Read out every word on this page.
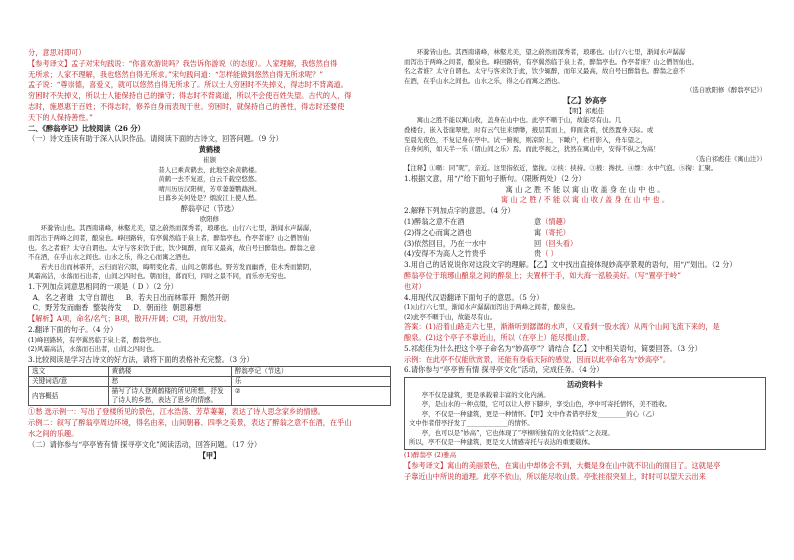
分，意思对即可）

【参考译文】孟子对宋句践说：“你喜欢游说吗？我告诉你游说（的态度）。人家理解，我悠然自得

无所求；人家不理解，我也悠然自得无所求。”宋句践问道：“怎样能做到悠然自得无所求呢？”

孟子说：“尊崇德，喜爱义，就可以悠然自得无所求了。所以士人穷困时不失掉义，得志时不背离道。

穷困时不失掉义，所以士人能保持自己的操守；得志时不背离道，所以不会使百姓失望。古代的人，得

志时，施恩惠于百姓；不得志时，修养自身而表现于世。穷困时，就保持自己的善性，得志时还要使

天下的人保持善性。”

二、《醉翁亭记》比较阅读（26 分）

（一）诗文连读有助于深入认识作品。请阅读下面的古诗文，回答问题。（9 分）

黄鹤楼

崔颢

昔人已乘黄鹤去，此地空余黄鹤楼。

黄鹤一去不复返，白云千载空悠悠。

晴川历历汉阳树，芳草萋萋鹦鹉洲。

日暮乡关何处是？烟波江上使人愁。

醉翁亭记（节选）

欧阳修

环滁皆山也。其西南诸峰，林壑尤美，望之蔚然而深秀者，琅琊也。山行六七里，渐闻水声潺潺，

而泻出于两峰之间者，酿泉也。峰回路转，有亭翼然临于泉上者，醉翁亭也。作亭者谁？山之僧智仙

也。名之者谁？太守自谓也。太守与客来饮于此，饮少辄醉，而年又最高，故自号曰醉翁也。醉翁之意

不在酒，在乎山水之间也。山水之乐，得之心而寓之酒也。

若夫日出而林霏开，云归而岩穴暝，晦明变化者，山间之朝暮也。野芳发而幽香，佳木秀而繁阴，

风霜高洁，水落而石出者，山间之四时也。朝而往，暮而归，四时之景不同，而乐亦无穷也。

1.下列加点词意思相同的一项是（ D ）（2 分）

A．名之者谁 太守自谓也 B．若夫日出而林霏开 黯然开朗

C．野芳发而幽香 整装待发 D．朝而往 朝思暮想

【解析】A项，命名/名气；B项，散开/开阔；C项，开放/出发。

2.翻译下面的句子。（4 分）

(1)峰回路转，有亭翼然临于泉上者，醉翁亭也。

(2)风霜高洁，水落而石出者，山间之四时也。

3.比较阅读是学习古诗文的好方法，请将下面的表格补充完整。（3 分）

选文	黄鹤楼	醉翁亭记（节选）
关键词语/意	愁	乐
内容概括	描写了诗人登黄鹤楼的所见所想，抒发了诗人的乡愁，表达了思乡的情感。	②

①愁 选示例一：写出了登楼所见的景色，江水浩荡、芳草萋萋，表达了诗人思念家乡的情感。

示例二：叙写了醉翁亭周边环境，得名由来，山间朝暮、四季之美景，表达了醉翁之意不在酒，在乎山

水之间的乐趣。

（二）请你参与“亭亭皆有情 探寻亭文化”阅读活动，回答问题。（17 分）

【甲】

环滁皆山也。其西南诸峰，林壑尤美，望之蔚然而深秀者，琅琊也。山行六七里，渐闻水声潺潺

而泻出于两峰之间者，酿泉也。峰回路转，有亭翼然临于泉上者，醉翁亭也。作亭者谁？山之僧智仙也。

名之者谁？太守自谓也。太守与客来饮于此，饮少辄醉，而年又最高，故自号曰醉翁也。醉翁之意不

在酒，在乎山水之间也。山水之乐，得之心而寓之酒也。

（选自欧阳修《醉翁亭记》）

【乙】妙高亭

【明】祁彪佳

寓山之胜不能以寓山收，盖身在山中也。此亭不暱于山，故能尽有山。几

叠楼台，嵌入苍崖翠壁，时有云气往来缥缈，掖层霄而上，仰面贪看，恍然置身天际。或

至晨光夜色，不复记身在亭中。试一俯视，则凉阶上，下瞰户，栏杆影入，舟车望之，

自身何所，如天半一乐（谓山间之乐）焉。而此亭视之，犹然在寓山中，安得不纵之为高！

（选自祁彪佳《寓山注》）

【注释】①暱：同“昵”，亲近。这里指依近，靠拢。②挟：挟持。③掖：搀扶。④缥：水中气泡。⑤掬：汇聚。

1.根据文意，用“/”给下面句子断句。（限断两处）（2 分）

寓 山 之 胜 不 能 以 寓 山 收 盖 身 在 山 中 也 。

寓 山 之 胜 / 不 能 以 寓 山 收 / 盖 身 在 山 中 也 。

2.解释下列加点字的意思。（4 分）

(1)醉翁之意不在酒	意（情趣）

(2)得之心而寓之酒也	寓（寄托）

(3)依然回目，乃在一水中	回（回头看）

(4)安得不为高人之竹贵乎	贵（ ）

3.用自己的话说说你对这段文字的理解。【乙】文中找出直接体现妙高亭景观的语句，用“/”划出。（2 分）

醉翁亭位于琅琊山酿泉之间的醉泉上；夫置杯于手，如大海一泓般美好。（写“置亭于岭”

也对）

4.用现代汉语翻译下面句子的意思。（5 分）

(1)山行六七里，渐闻水声潺潺而泻出于两峰之间者，酿泉也。

(2)此亭不暱于山，故能尽有山。

答案：(1)沿着山路走六七里，渐渐听到潺潺的水声，（又看到一股水流）从两个山间飞流下来的，是

酿泉。(2)这个亭子不靠近山，所以（在亭上）能尽揽山景。

5.祁彪佳为什么把这个亭子命名为“妙高亭”？请结合【乙】文中相关语句，简要回答。（3 分）

示例：在此亭不仅能欣赏景，还能有身临天际的感觉，因而以此亭命名为“妙高亭”。

6.请你参与“亭亭皆有情 探寻亭文化”活动，完成任务。（4 分）

活动资料卡

亭不仅是建筑，更是承载着丰富的文化内涵。

亭，是山水的一种点缀，它可以让人停下脚步，享受山色，亭中可寄托情怀，美不胜收。

亭，不仅是一种建筑，更是一种情怀。【甲】文中作者借亭抒发_________的心（乙）

文中作者借亭抒发了_____________的情怀。

亭，也可以是“妙高”，它也体现了“亭柳所独有的文化特质”之表现。

所以，亭不仅是一种建筑，更是文人情感寄托与表达的重要载体。

(1)醉翁亭 (2)雅高

【参考译文】寓山的美丽景色，在寓山中却体会不到，大概是身在山中就不识山的面目了。这就是亭

子靠近山中所说的道理。此亭不依山，所以能尽收山景。亭张挂很突显上，时时可以望天云出来
